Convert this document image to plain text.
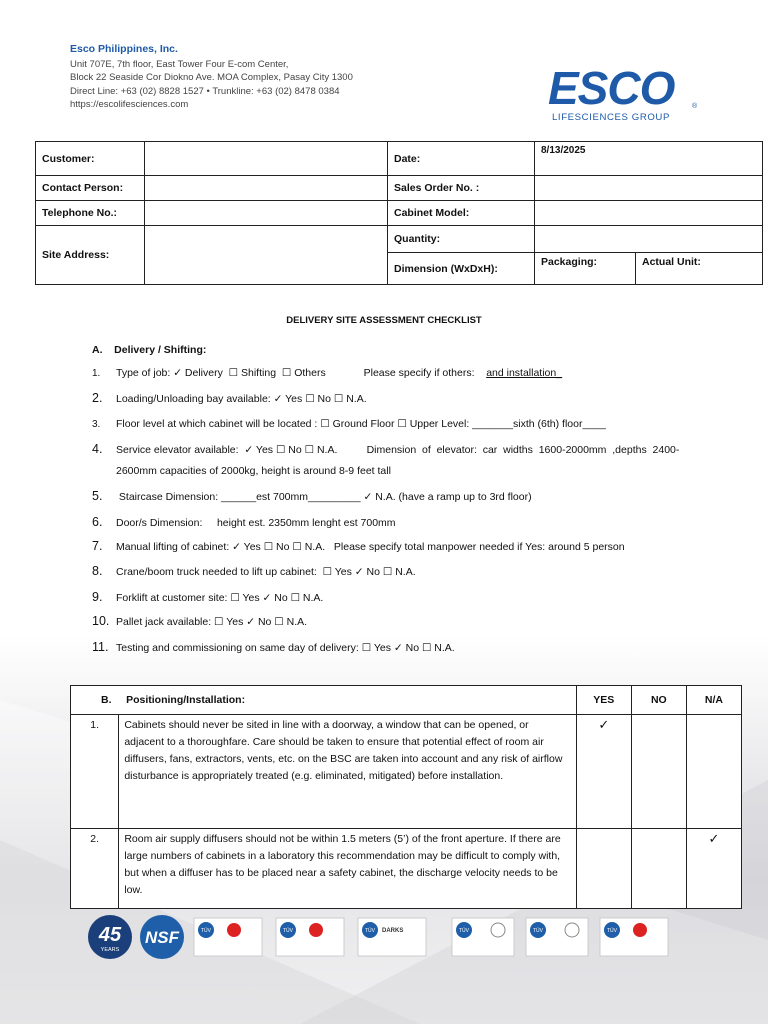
Esco Philippines, Inc.
Unit 707E, 7th floor, East Tower Four E-com Center,
Block 22 Seaside Cor Diokno Ave. MOA Complex, Pasay City 1300
Direct Line: +63 (02) 8828 1527 • Trunkline: +63 (02) 8478 0384
https://escolifesciences.com	ESCO	®
LIFESCIENCES GROUP
Customer:		Date:	8/13/2025	
Contact Person:		Sales Order No. :		
Telephone No.:		Cabinet Model:		
Site Address:		Quantity:		
		Dimension (WxDxH):	Packaging:	Actual Unit:
DELIVERY SITE ASSESSMENT CHECKLIST
A.    Delivery / Shifting:
1. Type of job: ✓ Delivery  ☐ Shifting  ☐ Others             Please specify if others:    and installation_
2. Loading/Unloading bay available: ✓ Yes ☐ No ☐ N.A.
3. Floor level at which cabinet will be located : ☐ Ground Floor ☐ Upper Level: _______sixth (6th) floor____
4. Service elevator available:  ✓ Yes ☐ No ☐ N.A.          Dimension  of  elevator:  car  widths  1600-2000mm  ,depths  2400-
2600mm capacities of 2000kg, height is around 8-9 feet tall
5. Staircase Dimension: ______est 700mm_________ ✓ N.A. (have a ramp up to 3rd floor)
6. Door/s Dimension:     height est. 2350mm lenght est 700mm
7. Manual lifting of cabinet: ✓ Yes ☐ No ☐ N.A.   Please specify total manpower needed if Yes: around 5 person
8. Crane/boom truck needed to lift up cabinet:  ☐ Yes ✓ No ☐ N.A.
9. Forklift at customer site: ☐ Yes ✓ No ☐ N.A.
10. Pallet jack available: ☐ Yes ✓ No ☐ N.A.
11. Testing and commissioning on same day of delivery: ☐ Yes ✓ No ☐ N.A.
B.     Positioning/Installation:		YES	NO	N/A
1.	Cabinets should never be sited in line with a doorway, a window that can be opened, or adjacent to a thoroughfare. Care should be taken to ensure that potential effect of room air diffusers, fans, extractors, vents, etc. on the BSC are taken into account and any risk of airflow disturbance is appropriately treated (e.g. eliminated, mitigated) before installation.	✓		
2.	Room air supply diffusers should not be within 1.5 meters (5’) of the front aperture. If there are large numbers of cabinets in a laboratory this recommendation may be difficult to comply with, but when a diffuser has to be placed near a safety cabinet, the discharge velocity needs to be low.			✓
45
YEARS
NSF	TÜV	TÜV	TÜV DARKS	TÜV	TÜV	TÜV
